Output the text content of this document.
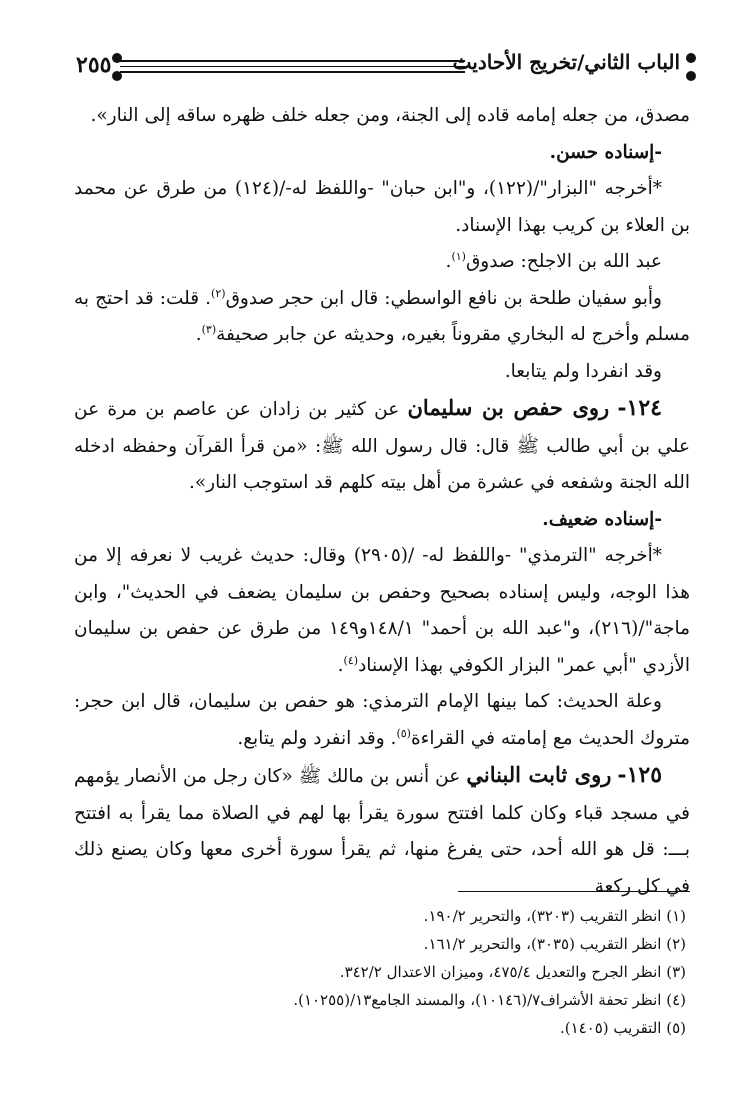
٢٥٥	الباب الثاني/تخريج الأحاديث

مصدق، من جعله إمامه قاده إلى الجنة، ومن جعله خلف ظهره ساقه إلى النار».

-إسناده حسن.

*أخرجه "البزار"/(١٢٢)، و"ابن حبان" -واللفظ له-/(١٢٤) من طرق عن محمد بن العلاء بن كريب بهذا الإسناد.

عبد الله بن الاجلح: صدوق$^{(١)}$.

وأبو سفيان طلحة بن نافع الواسطي: قال ابن حجر صدوق$^{(٢)}$. قلت: قد احتج به مسلم وأخرج له البخاري مقروناً بغيره، وحديثه عن جابر صحيفة$^{(٣)}$.

وقد انفردا ولم يتابعا.

١٢٤- روى حفص بن سليمان عن كثير بن زادان عن عاصم بن مرة عن علي بن أبي طالب ﷺ قال: قال رسول الله ﷺ: «من قرأ القرآن وحفظه ادخله الله الجنة وشفعه في عشرة من أهل بيته كلهم قد استوجب النار».

-إسناده ضعيف.

*أخرجه "الترمذي" -واللفظ له- /(٢٩٠٥) وقال: حديث غريب لا نعرفه إلا من هذا الوجه، وليس إسناده بصحيح وحفص بن سليمان يضعف في الحديث"، وابن ماجة"/(٢١٦)، و"عبد الله بن أحمد" ١٤٨/١و١٤٩ من طرق عن حفص بن سليمان الأزدي "أبي عمر" البزار الكوفي بهذا الإسناد$^{(٤)}$.

وعلة الحديث: كما بينها الإمام الترمذي: هو حفص بن سليمان، قال ابن حجر: متروك الحديث مع إمامته في القراءة$^{(٥)}$. وقد انفرد ولم يتابع.

١٢٥- روى ثابت البناني عن أنس بن مالك ﷺ «كان رجل من الأنصار يؤمهم في مسجد قباء وكان كلما افتتح سورة يقرأ بها لهم في الصلاة مما يقرأ به افتتح بـــ: قل هو الله أحد، حتى يفرغ منها، ثم يقرأ سورة أخرى معها وكان يصنع ذلك في كل ركعة

(١) انظر التقريب (٣٢٠٣)، والتحرير ١٩٠/٢.
(٢) انظر التقريب (٣٠٣٥)، والتحرير ١٦١/٢.
(٣) انظر الجرح والتعديل ٤٧٥/٤، وميزان الاعتدال ٣٤٢/٢.
(٤) انظر تحفة الأشراف٧/(١٠١٤٦)، والمسند الجامع١٣/(١٠٢٥٥).
(٥) التقريب (١٤٠٥).
